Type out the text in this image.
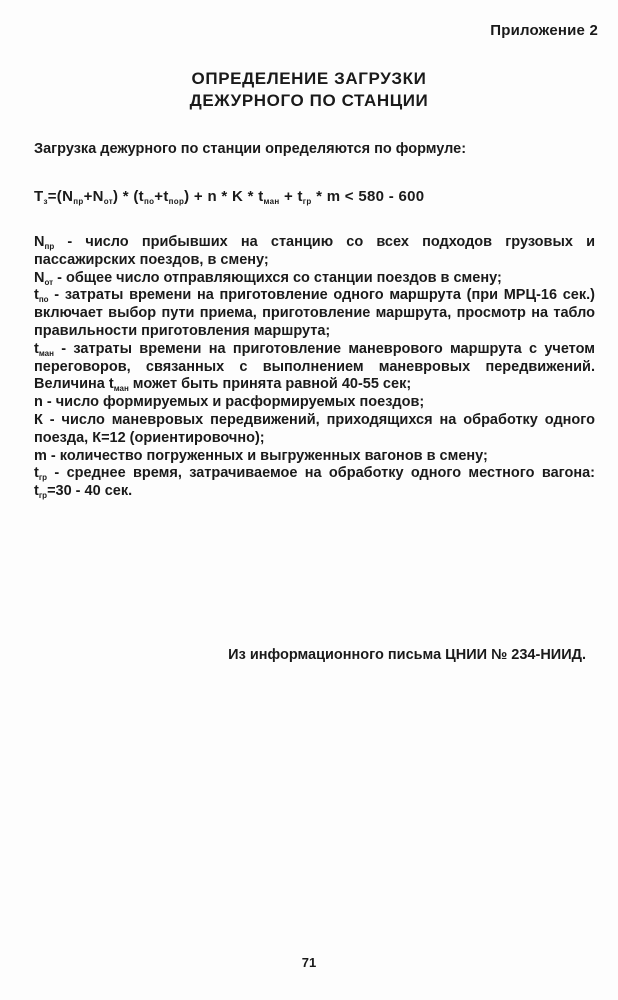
Приложение 2
ОПРЕДЕЛЕНИЕ ЗАГРУЗКИ
ДЕЖУРНОГО ПО СТАНЦИИ
Загрузка дежурного по станции определяются по формуле:
$T_з=(N_{пр}+N_{от}) * (t_{по}+t_{пор}) + n * K * t_{ман} + t_{гр} * m < 580 - 600$

$N_{пр}$ - число прибывших на станцию со всех подходов грузовых и пассажирских поездов, в смену;

$N_{от}$ - общее число отправляющихся со станции поездов в смену;

$t_{по}$ - затраты времени на приготовление одного маршрута (при МРЦ-16 сек.) включает выбор пути приема, приготовление маршрута, просмотр на табло правильности приготовления маршрута;

$t_{ман}$ - затраты времени на приготовление маневрового маршрута с учетом переговоров, связанных с выполнением маневровых передвижений. Величина $t_{ман}$ может быть принята равной 40-55 сек;

n - число формируемых и расформируемых поездов;

К - число маневровых передвижений, приходящихся на обработку одного поезда, К=12 (ориентировочно);

m - количество погруженных и выгруженных вагонов в смену;

$t_{гр}$ - среднее время, затрачиваемое на обработку одного местного вагона: $t_{гр}=30 - 40$ сек.

Из информационного письма ЦНИИ № 234-НИИД.
71
